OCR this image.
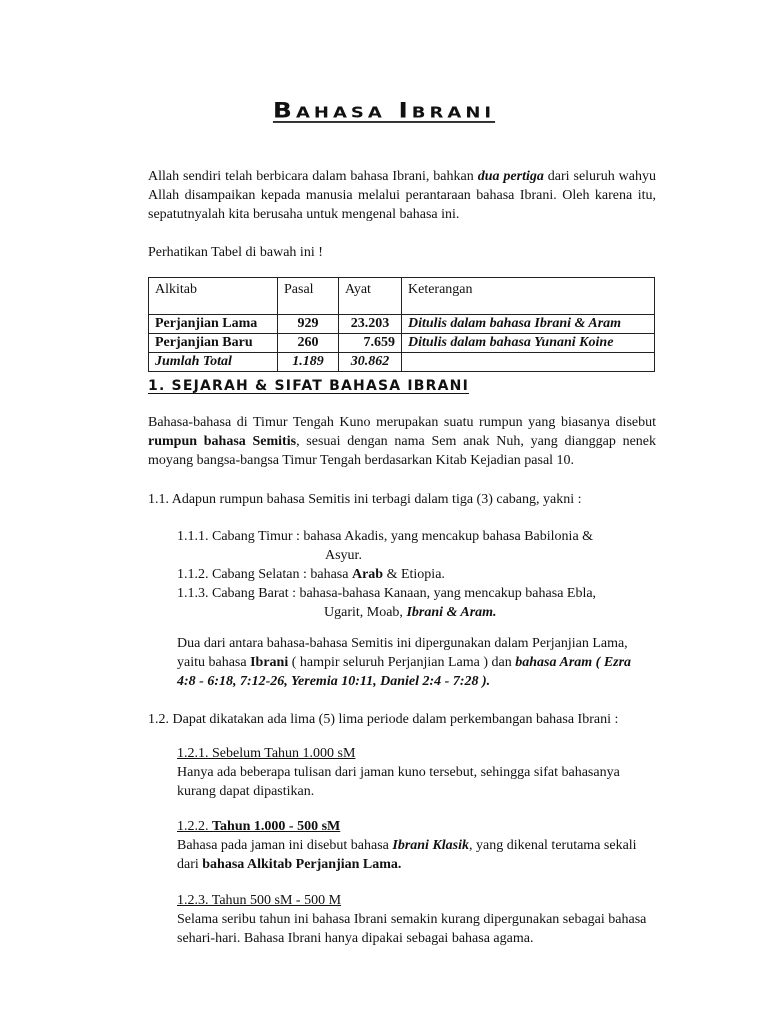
Bahasa Ibrani
Allah sendiri telah berbicara dalam bahasa Ibrani, bahkan dua pertiga dari seluruh wahyu Allah disampaikan kepada manusia melalui perantaraan bahasa Ibrani. Oleh karena itu, sepatutnyalah kita berusaha untuk mengenal bahasa ini.
Perhatikan Tabel di bawah ini !
Alkitab	Pasal	Ayat	Keterangan
Perjanjian Lama	929	23.203	Ditulis dalam bahasa Ibrani & Aram
Perjanjian Baru	260	7.659	Ditulis dalam bahasa Yunani Koine
Jumlah Total	1.189	30.862	
1. SEJARAH & SIFAT BAHASA IBRANI
Bahasa-bahasa di Timur Tengah Kuno merupakan suatu rumpun yang biasanya disebut rumpun bahasa Semitis, sesuai dengan nama Sem anak Nuh, yang dianggap nenek moyang bangsa-bangsa Timur Tengah berdasarkan Kitab Kejadian pasal 10.
1.1. Adapun rumpun bahasa Semitis ini terbagi dalam tiga (3) cabang, yakni :
1.1.1. Cabang Timur : bahasa Akadis, yang mencakup bahasa Babilonia &
Asyur.
1.1.2. Cabang Selatan : bahasa Arab & Etiopia.
1.1.3. Cabang Barat : bahasa-bahasa Kanaan, yang mencakup bahasa Ebla,
Ugarit, Moab, Ibrani & Aram.
Dua dari antara bahasa-bahasa Semitis ini dipergunakan dalam Perjanjian Lama, yaitu bahasa Ibrani ( hampir seluruh Perjanjian Lama ) dan bahasa Aram ( Ezra 4:8 - 6:18, 7:12-26, Yeremia 10:11, Daniel 2:4 - 7:28 ).
1.2. Dapat dikatakan ada lima (5) lima periode dalam perkembangan bahasa Ibrani :
1.2.1. Sebelum Tahun 1.000 sM
Hanya ada beberapa tulisan dari jaman kuno tersebut, sehingga sifat bahasanya kurang dapat dipastikan.
1.2.2. Tahun 1.000 - 500 sM
Bahasa pada jaman ini disebut bahasa Ibrani Klasik, yang dikenal terutama sekali dari bahasa Alkitab Perjanjian Lama.
1.2.3. Tahun 500 sM - 500 M
Selama seribu tahun ini bahasa Ibrani semakin kurang dipergunakan sebagai bahasa sehari-hari. Bahasa Ibrani hanya dipakai sebagai bahasa agama.
